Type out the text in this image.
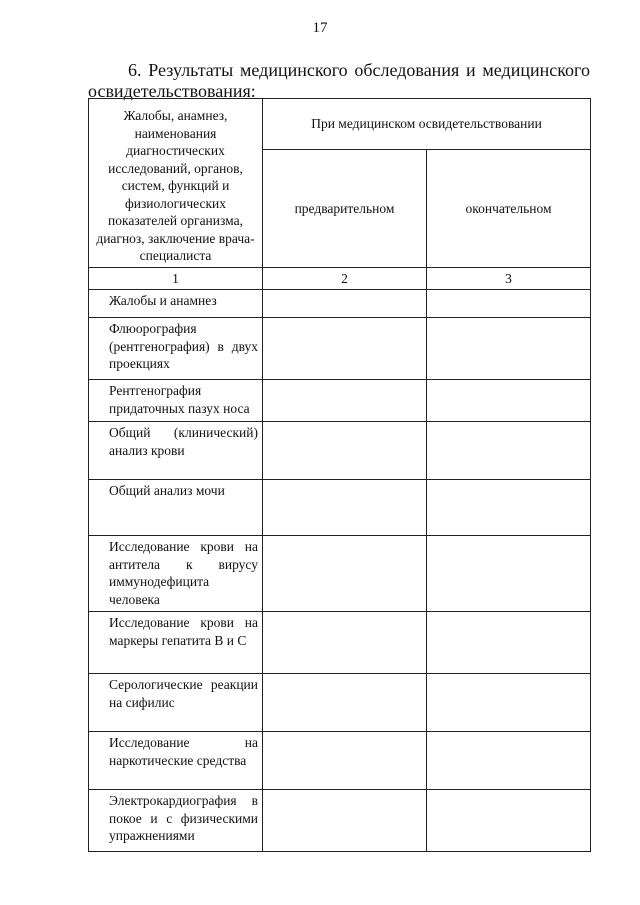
17
6. Результаты медицинского обследования и медицинского
освидетельствования:
Жалобы, анамнез, наименования диагностических исследований, органов, систем, функций и физиологических показателей организма, диагноз, заключение врача-специалиста	При медицинском освидетельствовании	
	предварительном	окончательном
1	2	3
Жалобы и анамнез		
Флюорография (рентгенография) в двух проекциях		
Рентгенография придаточных пазух носа		
Общий (клинический) анализ крови		
Общий анализ мочи		
Исследование крови на антитела к вирусу иммунодефицита человека		
Исследование крови на маркеры гепатита В и С		
Серологические реакции на сифилис		
Исследование на наркотические средства		
Электрокардиография в покое и с физическими упражнениями		
